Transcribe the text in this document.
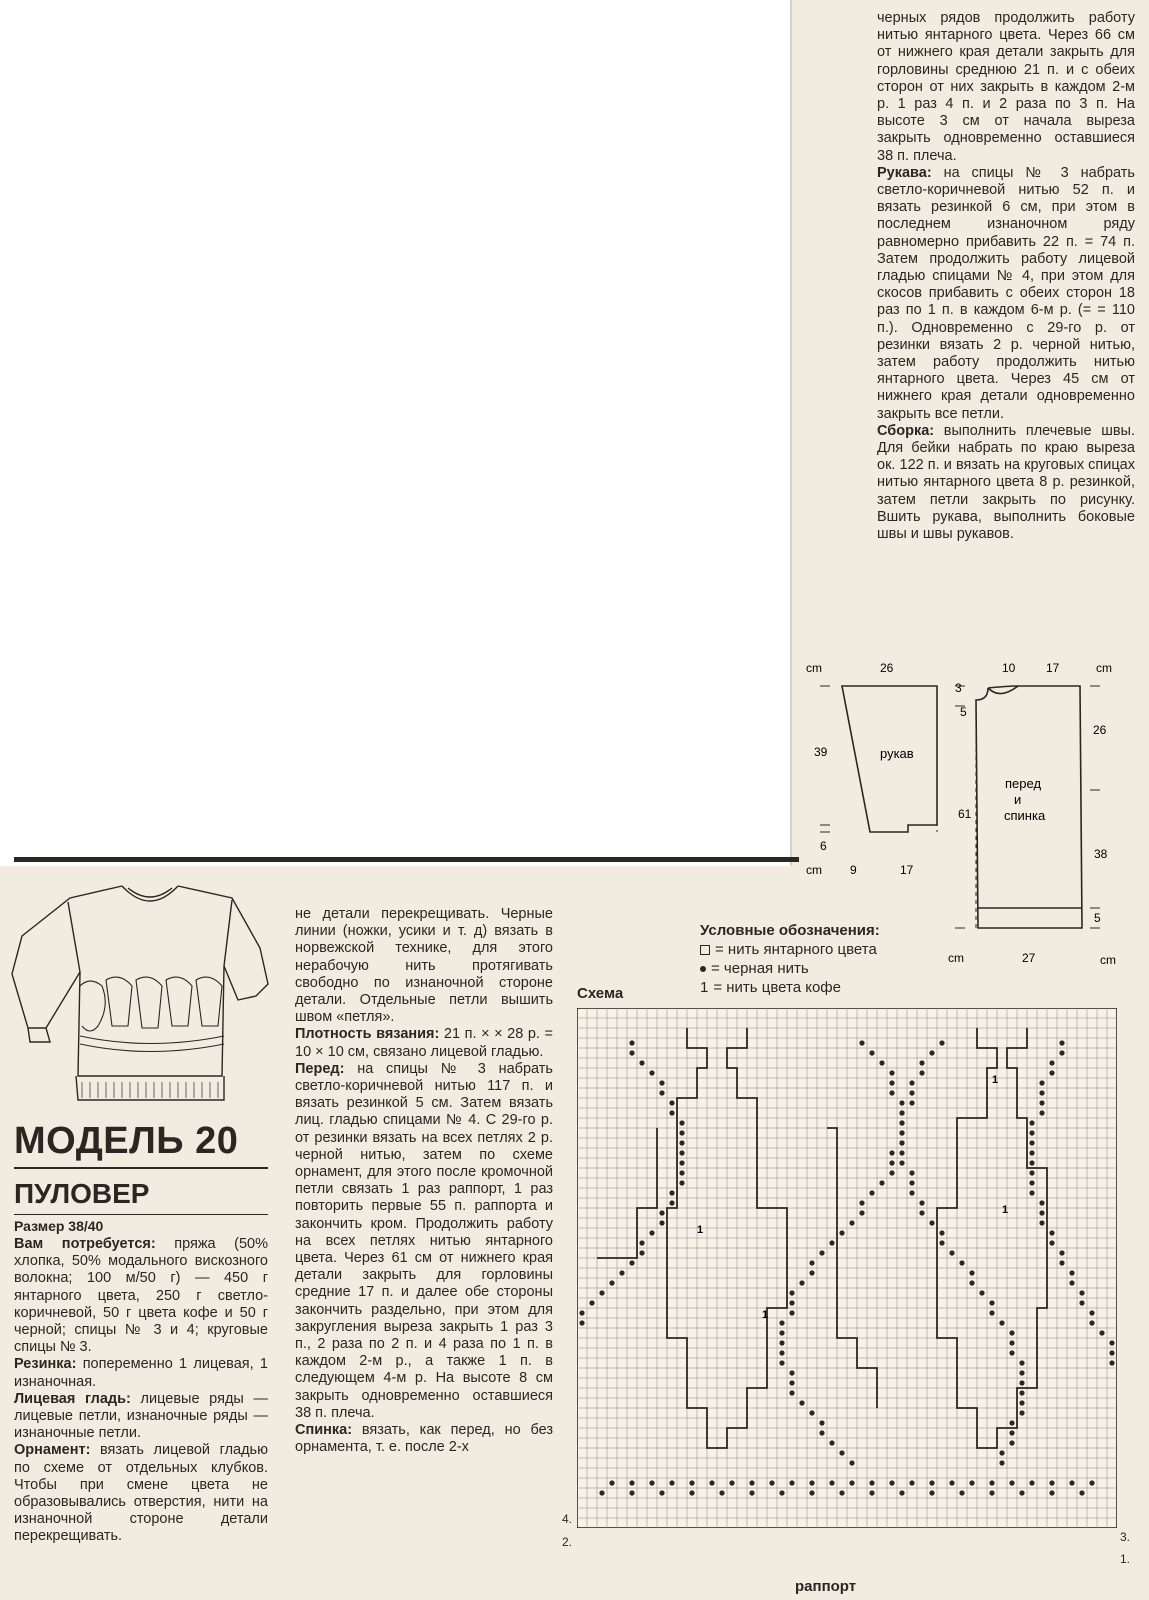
черных рядов продолжить работу нитью янтарного цвета. Через 66 см от нижнего края детали закрыть для горловины среднюю 21 п. и с обеих сторон от них закрыть в каждом 2-м р. 1 раз 4 п. и 2 раза по 3 п. На высоте 3 см от начала выреза закрыть одновременно оставшиеся 38 п. плеча.

Рукава: на спицы № 3 набрать светло-коричневой нитью 52 п. и вязать резинкой 6 см, при этом в последнем изнаночном ряду равномерно прибавить 22 п. = 74 п. Затем продолжить работу лицевой гладью спицами № 4, при этом для скосов прибавить с обеих сторон 18 раз по 1 п. в каждом 6-м р. (= = 110 п.). Одновременно с 29-го р. от резинки вязать 2 р. черной нитью, затем работу продолжить нитью янтарного цвета. Через 45 см от нижнего края детали одновременно закрыть все петли.

Сборка: выполнить плечевые швы. Для бейки набрать по краю выреза ок. 122 п. и вязать на круговых спицах нитью янтарного цвета 8 р. резинкой, затем петли закрыть по рисунку. Вшить рукава, выполнить боковые швы и швы рукавов.

МОДЕЛЬ 20
ПУЛОВЕР
Размер 38/40

Вам потребуется: пряжа (50% хлопка, 50% модального вискозного волокна; 100 м/50 г) — 450 г янтарного цвета, 250 г светло-коричневой, 50 г цвета кофе и 50 г черной; спицы № 3 и 4; круговые спицы № 3.

Резинка: попеременно 1 лицевая, 1 изнаночная.

Лицевая гладь: лицевые ряды — лицевые петли, изнаночные ряды — изнаночные петли.

Орнамент: вязать лицевой гладью по схеме от отдельных клубков. Чтобы при смене цвета не образовывались отверстия, нити на изнаночной стороне детали перекрещивать.

не детали перекрещивать. Черные линии (ножки, усики и т. д) вязать в норвежской технике, для этого нерабочую нить протягивать свободно по изнаночной стороне детали. Отдельные петли вышить швом «петля».

Плотность вязания: 21 п. × × 28 р. = 10 × 10 см, связано лицевой гладью.

Перед: на спицы № 3 набрать светло-коричневой нитью 117 п. и вязать резинкой 5 см. Затем вязать лиц. гладью спицами № 4. С 29-го р. от резинки вязать на всех петлях 2 р. черной нитью, затем по схеме орнамент, для этого после кромочной петли связать 1 раз раппорт, 1 раз повторить первые 55 п. раппорта и закончить кром. Продолжить работу на всех петлях нитью янтарного цвета. Через 61 см от нижнего края детали закрыть для горловины средние 17 п. и далее обе стороны закончить раздельно, при этом для закругления выреза закрыть 1 раз 3 п., 2 раза по 2 п. и 4 раза по 1 п. в каждом 2-м р., а также 1 п. в следующем 4-м р. На высоте 8 см закрыть одновременно оставшиеся 38 п. плеча.

Спинка: вязать, как перед, но без орнамента, т. е. после 2-х

cm	26
39	рукав
6
cm 9	17
10	17	cm
3
5
26
перед
и
спинка
61
38
5
cm	27	cm
Условные обозначения:
= нить янтарного цвета
= черная нить
1 = нить цвета кофе
Схема
1
1
1
1
4.
2.	3.
1.
раппорт
